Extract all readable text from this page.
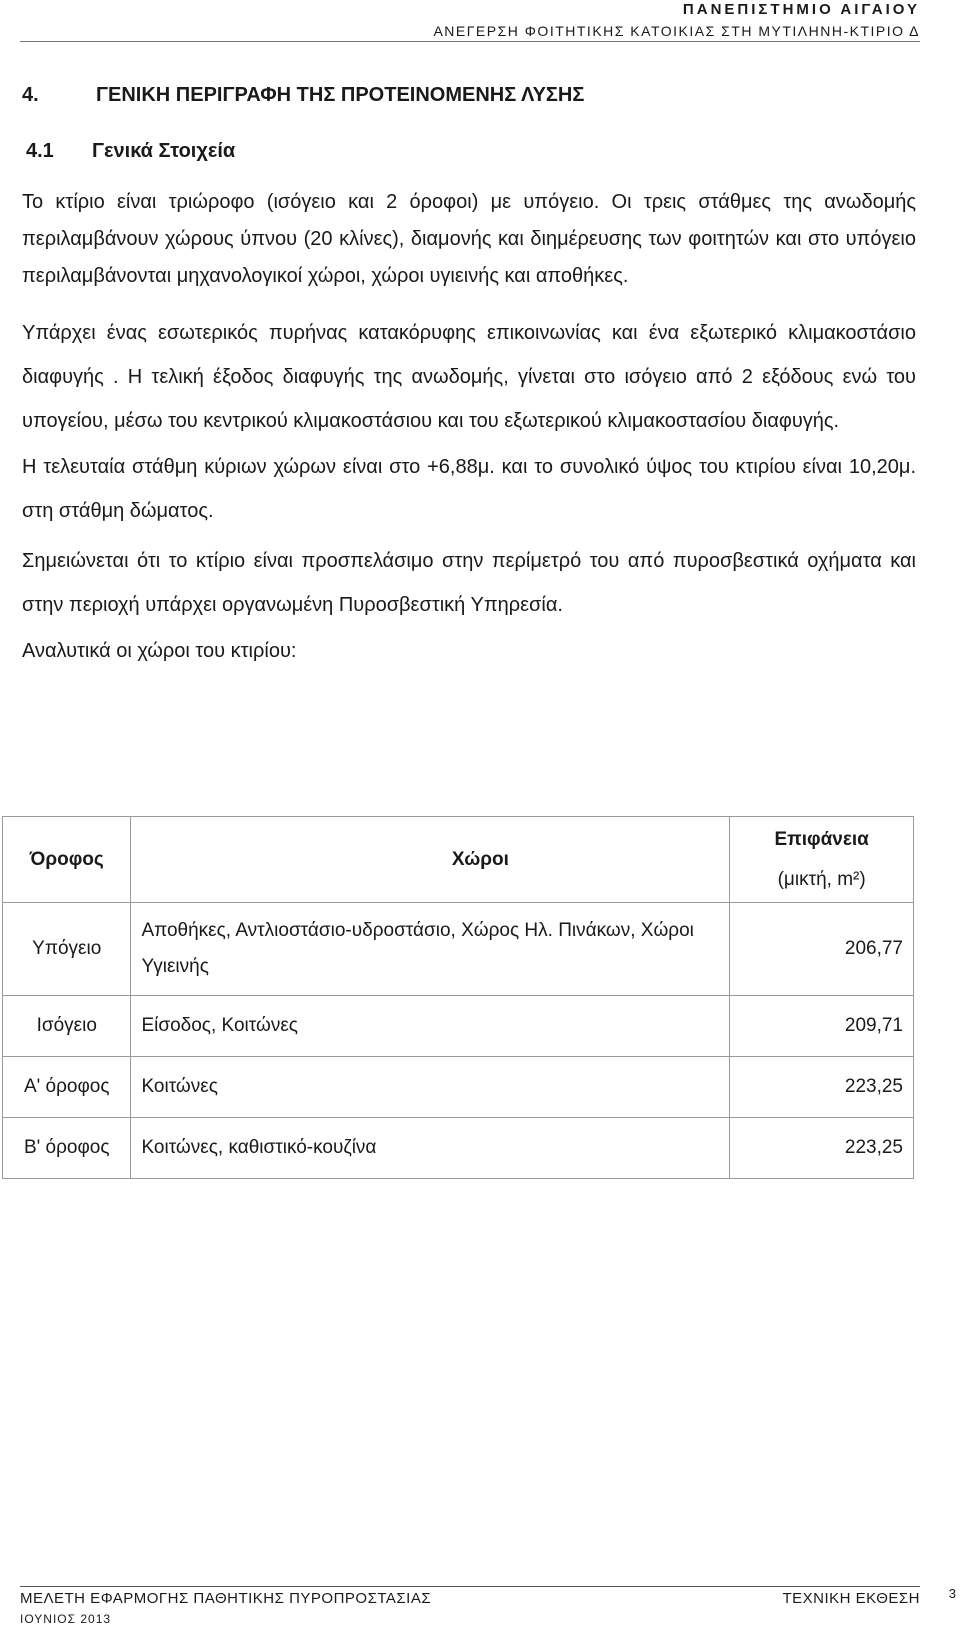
ΠΑΝΕΠΙΣΤΗΜΙΟ ΑΙΓΑΙΟΥ
ΑΝΕΓΕΡΣΗ ΦΟΙΤΗΤΙΚΗΣ ΚΑΤΟΙΚΙΑΣ ΣΤΗ ΜΥΤΙΛΗΝΗ-ΚΤΙΡΙΟ Δ
4.	ΓΕΝΙΚΗ ΠΕΡΙΓΡΑΦΗ ΤΗΣ ΠΡΟΤΕΙΝΟΜΕΝΗΣ ΛΥΣΗΣ
4.1 Γενικά Στοιχεία

Το κτίριο είναι τριώροφο (ισόγειο και 2 όροφοι) με υπόγειο. Οι τρεις στάθμες της ανωδομής περιλαμβάνουν χώρους ύπνου (20 κλίνες), διαμονής και διημέρευσης των φοιτητών και στο υπόγειο περιλαμβάνονται μηχανολογικοί χώροι, χώροι υγιεινής και αποθήκες.

Υπάρχει ένας εσωτερικός πυρήνας κατακόρυφης επικοινωνίας και ένα εξωτερικό κλιμακοστάσιο διαφυγής . Η τελική έξοδος διαφυγής της ανωδομής, γίνεται στο ισόγειο από 2 εξόδους ενώ του υπογείου, μέσω του κεντρικού κλιμακοστάσιου και του εξωτερικού κλιμακοστασίου διαφυγής.

Η τελευταία στάθμη κύριων χώρων είναι στο +6,88μ. και το συνολικό ύψος του κτιρίου είναι 10,20μ. στη στάθμη δώματος.

Σημειώνεται ότι το κτίριο είναι προσπελάσιμο στην περίμετρό του από πυροσβεστικά οχήματα και στην περιοχή υπάρχει οργανωμένη Πυροσβεστική Υπηρεσία.

Αναλυτικά οι χώροι του κτιρίου:

Όροφος	Χώροι	Επιφάνεια
(μικτή, m²)

Υπόγειο	Αποθήκες, Αντλιοστάσιο-υδροστάσιο, Χώρος Ηλ. Πινάκων, Χώροι Υγιεινής	206,77
Ισόγειο	Είσοδος, Κοιτώνες	209,71
Α' όροφος	Κοιτώνες	223,25
Β' όροφος	Κοιτώνες, καθιστικό-κουζίνα	223,25
ΜΕΛΕΤΗ ΕΦΑΡΜΟΓΗΣ ΠΑΘΗΤΙΚΗΣ ΠΥΡΟΠΡΟΣΤΑΣΙΑΣ	ΤΕΧΝΙΚΗ ΕΚΘΕΣΗ
ΙΟΥΝΙΟΣ 2013
3
